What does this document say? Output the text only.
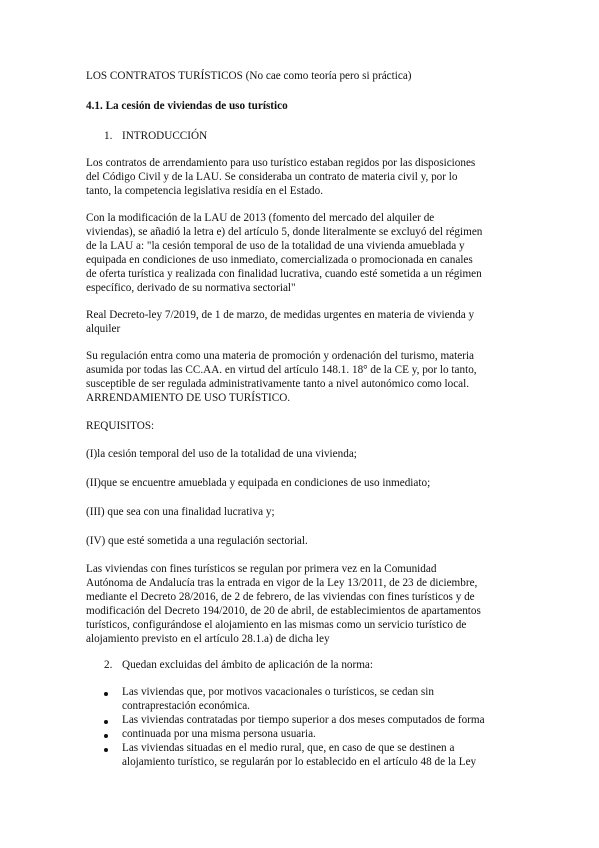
LOS CONTRATOS TURÍSTICOS (No cae como teoría pero si práctica)
4.1. La cesión de viviendas de uso turístico
1. INTRODUCCIÓN
Los contratos de arrendamiento para uso turístico estaban regidos por las disposiciones
del Código Civil y de la LAU. Se consideraba un contrato de materia civil y, por lo
tanto, la competencia legislativa residía en el Estado.
Con la modificación de la LAU de 2013 (fomento del mercado del alquiler de
viviendas), se añadió la letra e) del artículo 5, donde literalmente se excluyó del régimen
de la LAU a: "la cesión temporal de uso de la totalidad de una vivienda amueblada y
equipada en condiciones de uso inmediato, comercializada o promocionada en canales
de oferta turística y realizada con finalidad lucrativa, cuando esté sometida a un régimen
específico, derivado de su normativa sectorial"
Real Decreto-ley 7/2019, de 1 de marzo, de medidas urgentes en materia de vivienda y
alquiler
Su regulación entra como una materia de promoción y ordenación del turismo, materia
asumida por todas las CC.AA. en virtud del artículo 148.1. 18° de la CE y, por lo tanto,
susceptible de ser regulada administrativamente tanto a nivel autonómico como local.
ARRENDAMIENTO DE USO TURÍSTICO.
REQUISITOS:
(I)la cesión temporal del uso de la totalidad de una vivienda;
(II)que se encuentre amueblada y equipada en condiciones de uso inmediato;
(III) que sea con una finalidad lucrativa y;
(IV) que esté sometida a una regulación sectorial.
Las viviendas con fines turísticos se regulan por primera vez en la Comunidad
Autónoma de Andalucía tras la entrada en vigor de la Ley 13/2011, de 23 de diciembre,
mediante el Decreto 28/2016, de 2 de febrero, de las viviendas con fines turísticos y de
modificación del Decreto 194/2010, de 20 de abril, de establecimientos de apartamentos
turísticos, configurándose el alojamiento en las mismas como un servicio turístico de
alojamiento previsto en el artículo 28.1.a) de dicha ley
2. Quedan excluidas del ámbito de aplicación de la norma:
Las viviendas que, por motivos vacacionales o turísticos, se cedan sin
contraprestación económica.
Las viviendas contratadas por tiempo superior a dos meses computados de forma
continuada por una misma persona usuaria.
Las viviendas situadas en el medio rural, que, en caso de que se destinen a
alojamiento turístico, se regularán por lo establecido en el artículo 48 de la Ley
